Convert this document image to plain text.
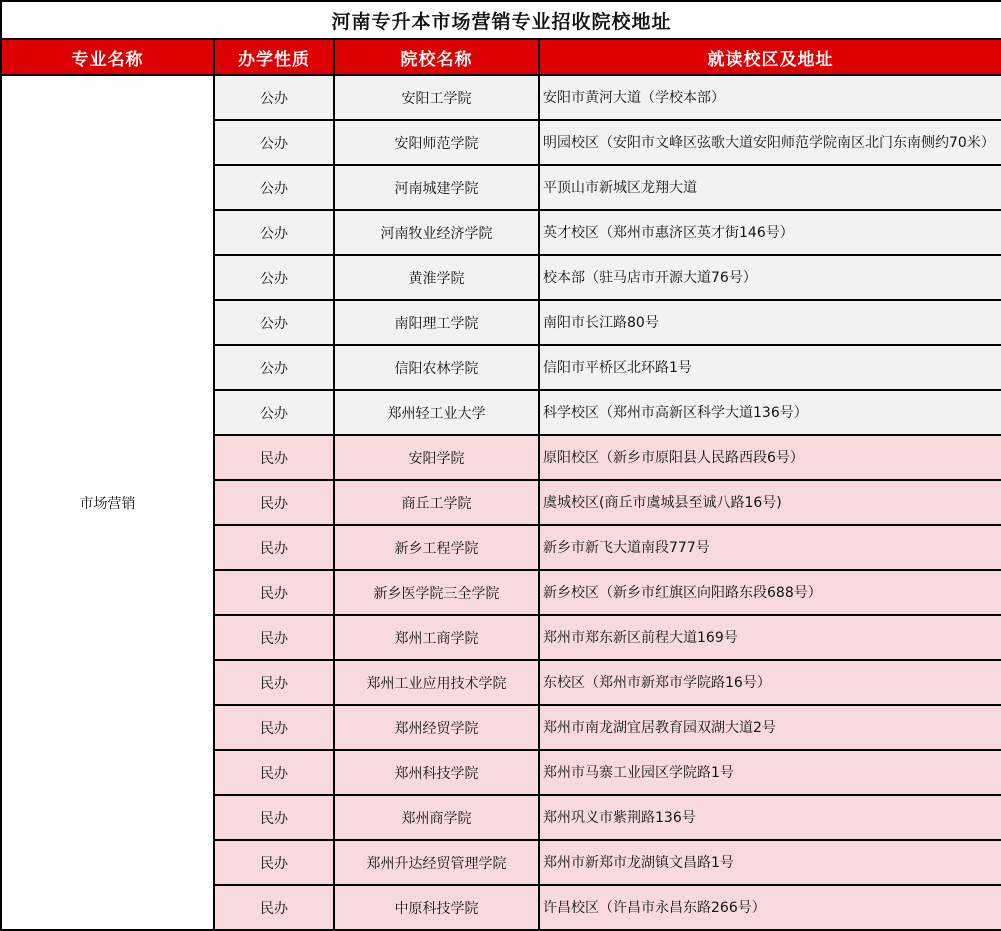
河南专升本市场营销专业招收院校地址			
专业名称	办学性质	院校名称	就读校区及地址
市场营销	公办	安阳工学院	安阳市黄河大道（学校本部）
	公办	安阳师范学院	明园校区（安阳市文峰区弦歌大道安阳师范学院南区北门东南侧约70米）
	公办	河南城建学院	平顶山市新城区龙翔大道
	公办	河南牧业经济学院	英才校区（郑州市惠济区英才街146号）
	公办	黄淮学院	校本部（驻马店市开源大道76号）
	公办	南阳理工学院	南阳市长江路80号
	公办	信阳农林学院	信阳市平桥区北环路1号
	公办	郑州轻工业大学	科学校区（郑州市高新区科学大道136号）
	民办	安阳学院	原阳校区（新乡市原阳县人民路西段6号）
	民办	商丘工学院	虞城校区(商丘市虞城县至诚八路16号)
	民办	新乡工程学院	新乡市新飞大道南段777号
	民办	新乡医学院三全学院	新乡校区（新乡市红旗区向阳路东段688号）
	民办	郑州工商学院	郑州市郑东新区前程大道169号
	民办	郑州工业应用技术学院	东校区（郑州市新郑市学院路16号）
	民办	郑州经贸学院	郑州市南龙湖宜居教育园双湖大道2号
	民办	郑州科技学院	郑州市马寨工业园区学院路1号
	民办	郑州商学院	郑州巩义市紫荆路136号
	民办	郑州升达经贸管理学院	郑州市新郑市龙湖镇文昌路1号
	民办	中原科技学院	许昌校区（许昌市永昌东路266号）
